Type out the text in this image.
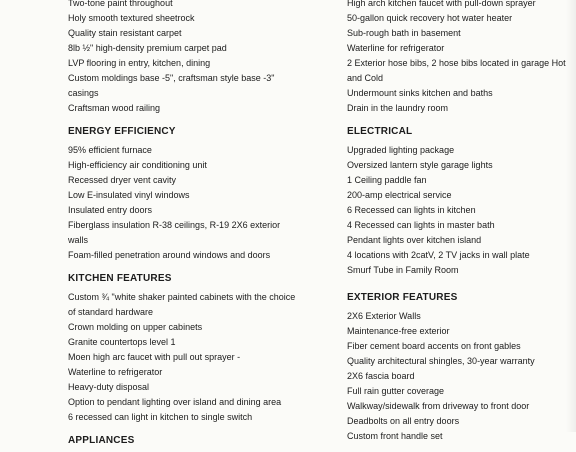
Two-tone paint throughout
Holy smooth textured sheetrock
Quality stain resistant carpet
8lb ½" high-density premium carpet pad
LVP flooring in entry, kitchen, dining
Custom moldings base -5", craftsman style base -3" casings
Craftsman wood railing
ENERGY EFFICIENCY
95% efficient furnace
High-efficiency air conditioning unit
Recessed dryer vent cavity
Low E-insulated vinyl windows
Insulated entry doors
Fiberglass insulation R-38 ceilings, R-19 2X6 exterior walls
Foam-filled penetration around windows and doors
KITCHEN FEATURES
Custom ¾ "white shaker painted cabinets with the choice of standard hardware
Crown molding on upper cabinets
Granite countertops level 1
Moen high arc faucet with pull out sprayer -
Waterline to refrigerator
Heavy-duty disposal
Option to pendant lighting over island and dining area
6 recessed can light in kitchen to single switch
APPLIANCES
High arch kitchen faucet with pull-down sprayer
50-gallon quick recovery hot water heater
Sub-rough bath in basement
Waterline for refrigerator
2 Exterior hose bibs, 2 hose bibs located in garage Hot and Cold
Undermount sinks kitchen and baths
Drain in the laundry room
ELECTRICAL
Upgraded lighting package
Oversized lantern style garage lights
1 Ceiling paddle fan
200-amp electrical service
6 Recessed can lights in kitchen
4 Recessed can lights in master bath
Pendant lights over kitchen island
4 locations with 2catV, 2 TV jacks in wall plate
Smurf Tube in Family Room
EXTERIOR FEATURES
2X6 Exterior Walls
Maintenance-free exterior
Fiber cement board accents on front gables
Quality architectural shingles, 30-year warranty
2X6 fascia board
Full rain gutter coverage
Walkway/sidewalk from driveway to front door
Deadbolts on all entry doors
Custom front handle set
